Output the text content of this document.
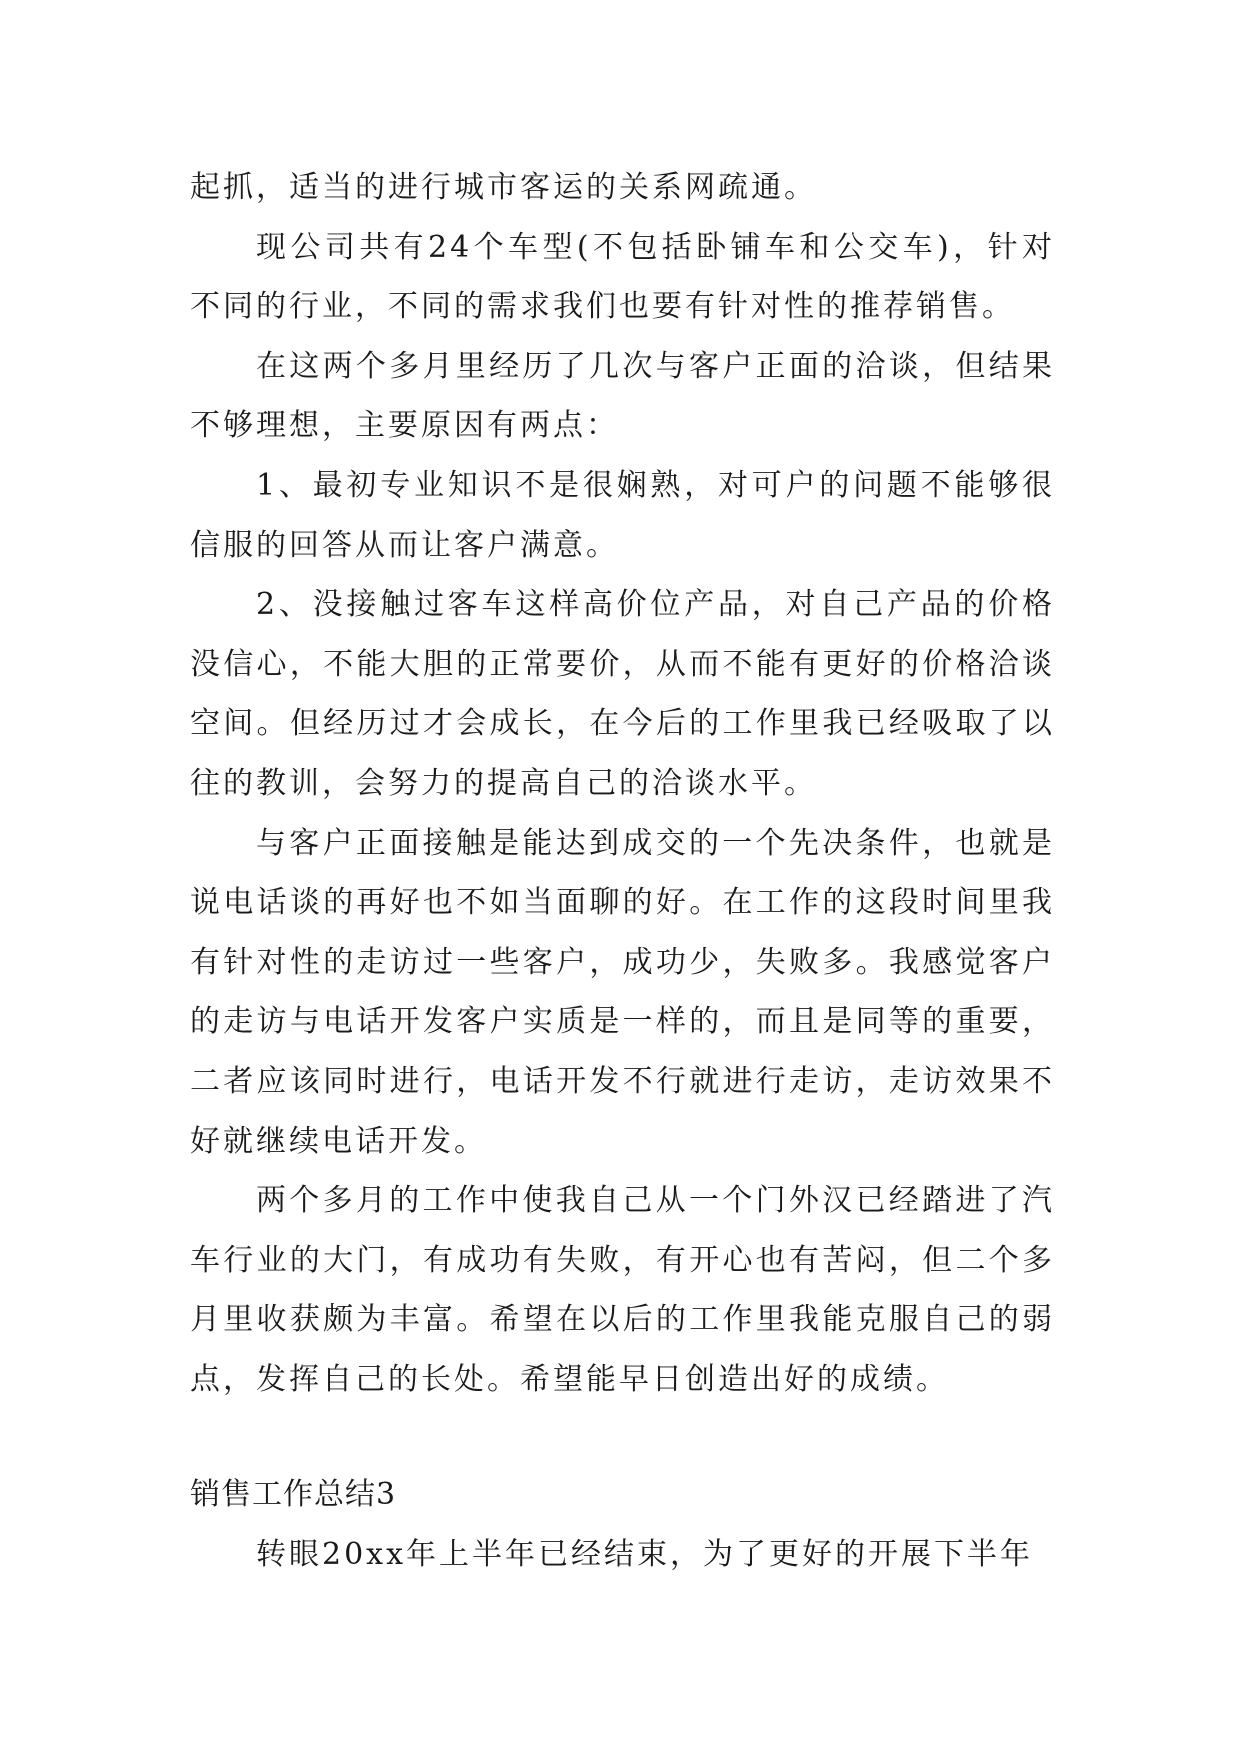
起抓，适当的进行城市客运的关系网疏通。

现公司共有24个车型(不包括卧铺车和公交车)，针对不同的行业，不同的需求我们也要有针对性的推荐销售。

在这两个多月里经历了几次与客户正面的洽谈，但结果不够理想，主要原因有两点：

1、最初专业知识不是很娴熟，对可户的问题不能够很信服的回答从而让客户满意。

2、没接触过客车这样高价位产品，对自己产品的价格没信心，不能大胆的正常要价，从而不能有更好的价格洽谈空间。但经历过才会成长，在今后的工作里我已经吸取了以往的教训，会努力的提高自己的洽谈水平。

与客户正面接触是能达到成交的一个先决条件，也就是说电话谈的再好也不如当面聊的好。在工作的这段时间里我有针对性的走访过一些客户，成功少，失败多。我感觉客户的走访与电话开发客户实质是一样的，而且是同等的重要，二者应该同时进行，电话开发不行就进行走访，走访效果不好就继续电话开发。

两个多月的工作中使我自己从一个门外汉已经踏进了汽车行业的大门，有成功有失败，有开心也有苦闷，但二个多月里收获颇为丰富。希望在以后的工作里我能克服自己的弱点，发挥自己的长处。希望能早日创造出好的成绩。

销售工作总结3

转眼20xx年上半年已经结束，为了更好的开展下半年
